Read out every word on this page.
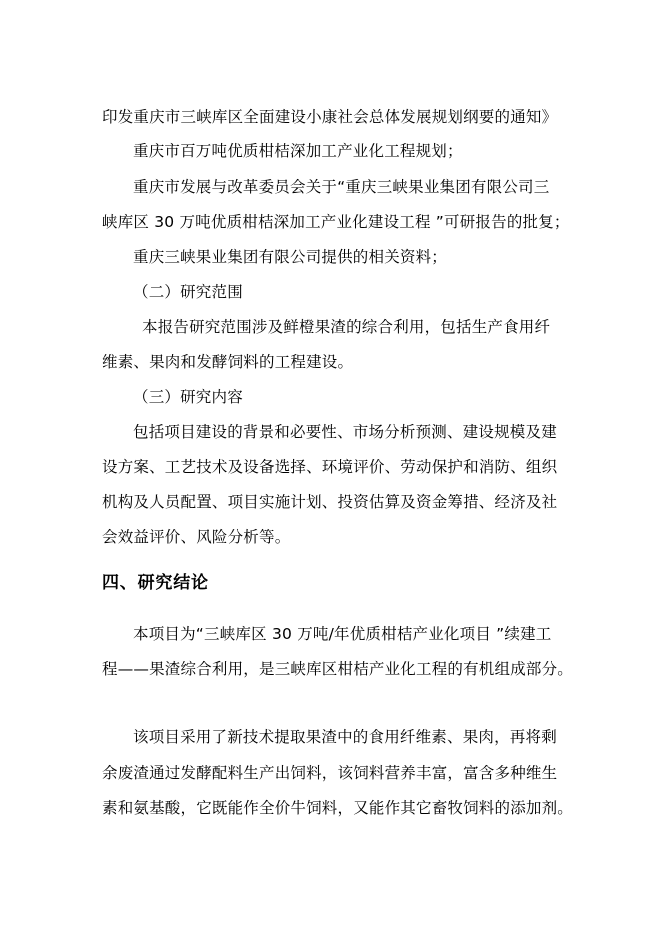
印发重庆市三峡库区全面建设小康社会总体发展规划纲要的通知》
重庆市百万吨优质柑桔深加工产业化工程规划；
重庆市发展与改革委员会关于“重庆三峡果业集团有限公司三
峡库区 30 万吨优质柑桔深加工产业化建设工程 ”可研报告的批复；
重庆三峡果业集团有限公司提供的相关资料；
（二）研究范围
本报告研究范围涉及鲜橙果渣的综合利用，包括生产食用纤
维素、果肉和发酵饲料的工程建设。
（三）研究内容
包括项目建设的背景和必要性、市场分析预测、建设规模及建
设方案、工艺技术及设备选择、环境评价、劳动保护和消防、组织
机构及人员配置、项目实施计划、投资估算及资金筹措、经济及社
会效益评价、风险分析等。
四、研究结论
本项目为“三峡库区 30 万吨/年优质柑桔产业化项目 ”续建工
程——果渣综合利用，是三峡库区柑桔产业化工程的有机组成部分。
该项目采用了新技术提取果渣中的食用纤维素、果肉，再将剩
余废渣通过发酵配料生产出饲料，该饲料营养丰富，富含多种维生
素和氨基酸，它既能作全价牛饲料，又能作其它畜牧饲料的添加剂。
